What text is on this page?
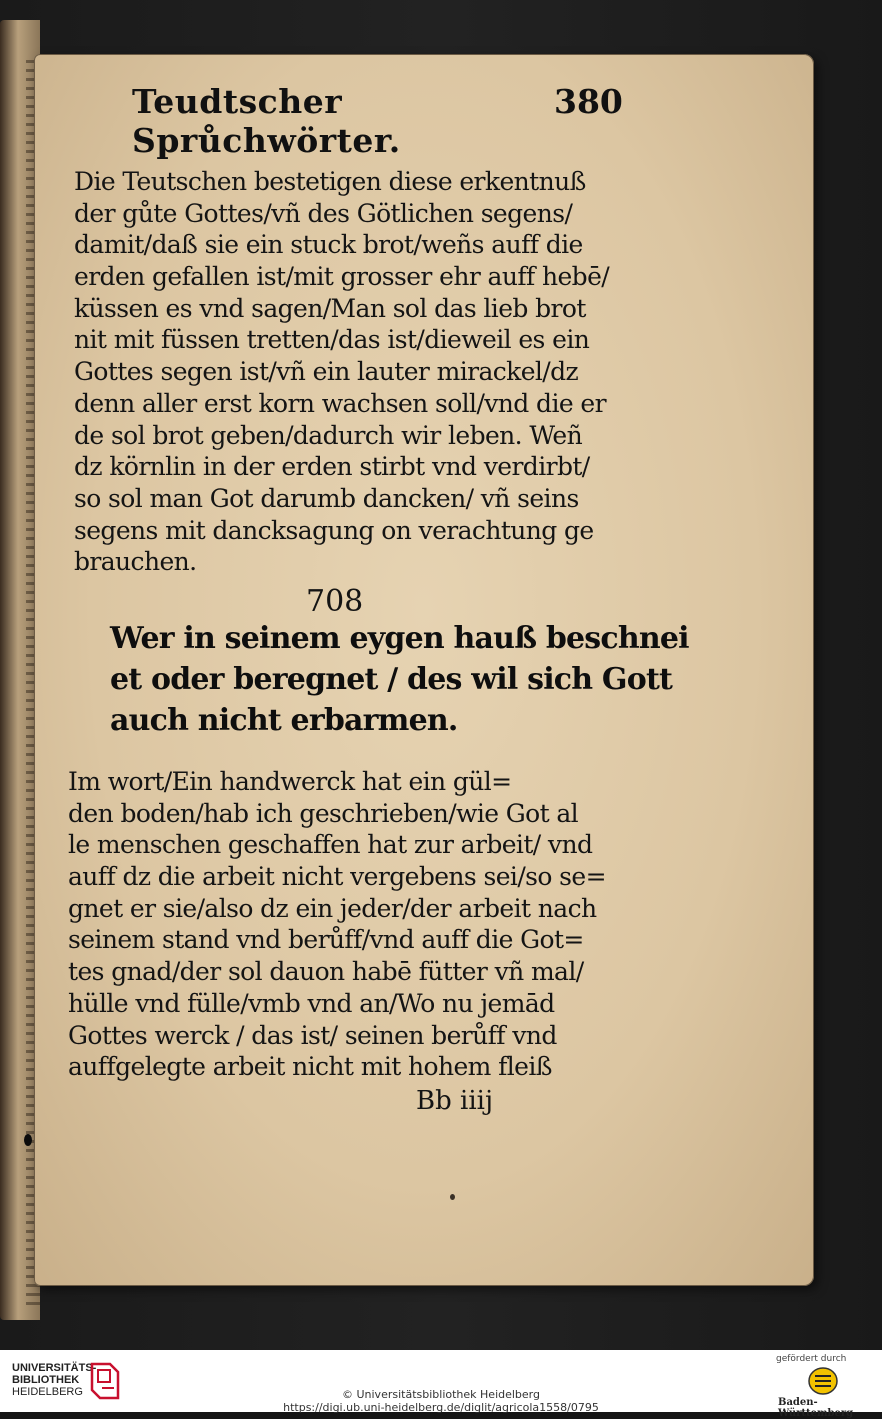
Teudtscher Sprůchwörter.
380
Die Teutschen bestetigen diese erkentnuß
der gůte Gottes/vñ des Götlichen segens/
damit/daß sie ein stuck brot/weñs auff die
erden gefallen ist/mit grosser ehr auff hebē/
küssen es vnd sagen/Man sol das lieb brot
nit mit füssen tretten/das ist/dieweil es ein
Gottes segen ist/vñ ein lauter mirackel/dz
denn aller erst korn wachsen soll/vnd die er
de sol brot geben/dadurch wir leben. Weñ
dz körnlin in der erden stirbt vnd verdirbt/
so sol man Got darumb dancken/ vñ seins
segens mit dancksagung on verachtung ge
brauchen.
708
Wer in seinem eygen hauß beschnei
et oder beregnet / des wil sich Gott
auch nicht erbarmen.
Im wort/Ein handwerck hat ein gül=
den boden/hab ich geschrieben/wie Got al
le menschen geschaffen hat zur arbeit/ vnd
auff dz die arbeit nicht vergebens sei/so se=
gnet er sie/also dz ein jeder/der arbeit nach
seinem stand vnd berůff/vnd auff die Got=
tes gnad/der sol dauon habē fütter vñ mal/
hülle vnd fülle/vmb vnd an/Wo nu jemād
Gottes werck / das ist/ seinen berůff vnd
auffgelegte arbeit nicht mit hohem fleiß
Bb iiij
UNIVERSITÄTS-
BIBLIOTHEK
HEIDELBERG	© Universitätsbibliothek Heidelberg
https://digi.ub.uni-heidelberg.de/diglit/agricola1558/0795
gefördert durch
Baden-Württemberg
